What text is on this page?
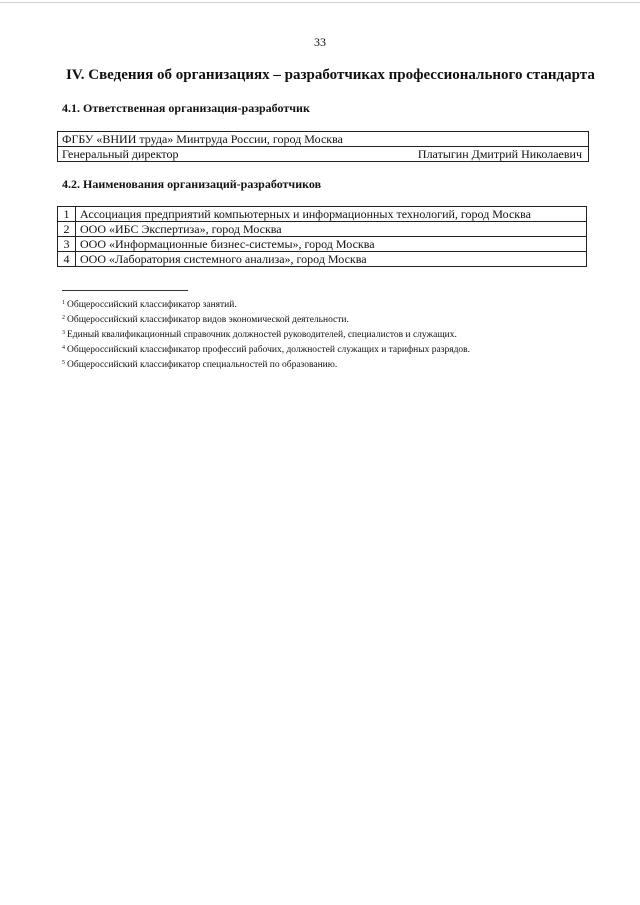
33
IV. Сведения об организациях – разработчиках профессионального стандарта
4.1. Ответственная организация-разработчик
ФГБУ «ВНИИ труда» Минтруда России, город Москва
Генеральный директор	Платыгин Дмитрий Николаевич
4.2. Наименования организаций-разработчиков
1	Ассоциация предприятий компьютерных и информационных технологий, город Москва
2	ООО «ИБС Экспертиза», город Москва
3	ООО «Информационные бизнес-системы», город Москва
4	ООО «Лаборатория системного анализа», город Москва
$^1$ Общероссийский классификатор занятий.
$^2$ Общероссийский классификатор видов экономической деятельности.
$^3$ Единый квалификационный справочник должностей руководителей, специалистов и служащих.
$^4$ Общероссийский классификатор профессий рабочих, должностей служащих и тарифных разрядов.
$^5$ Общероссийский классификатор специальностей по образованию.
